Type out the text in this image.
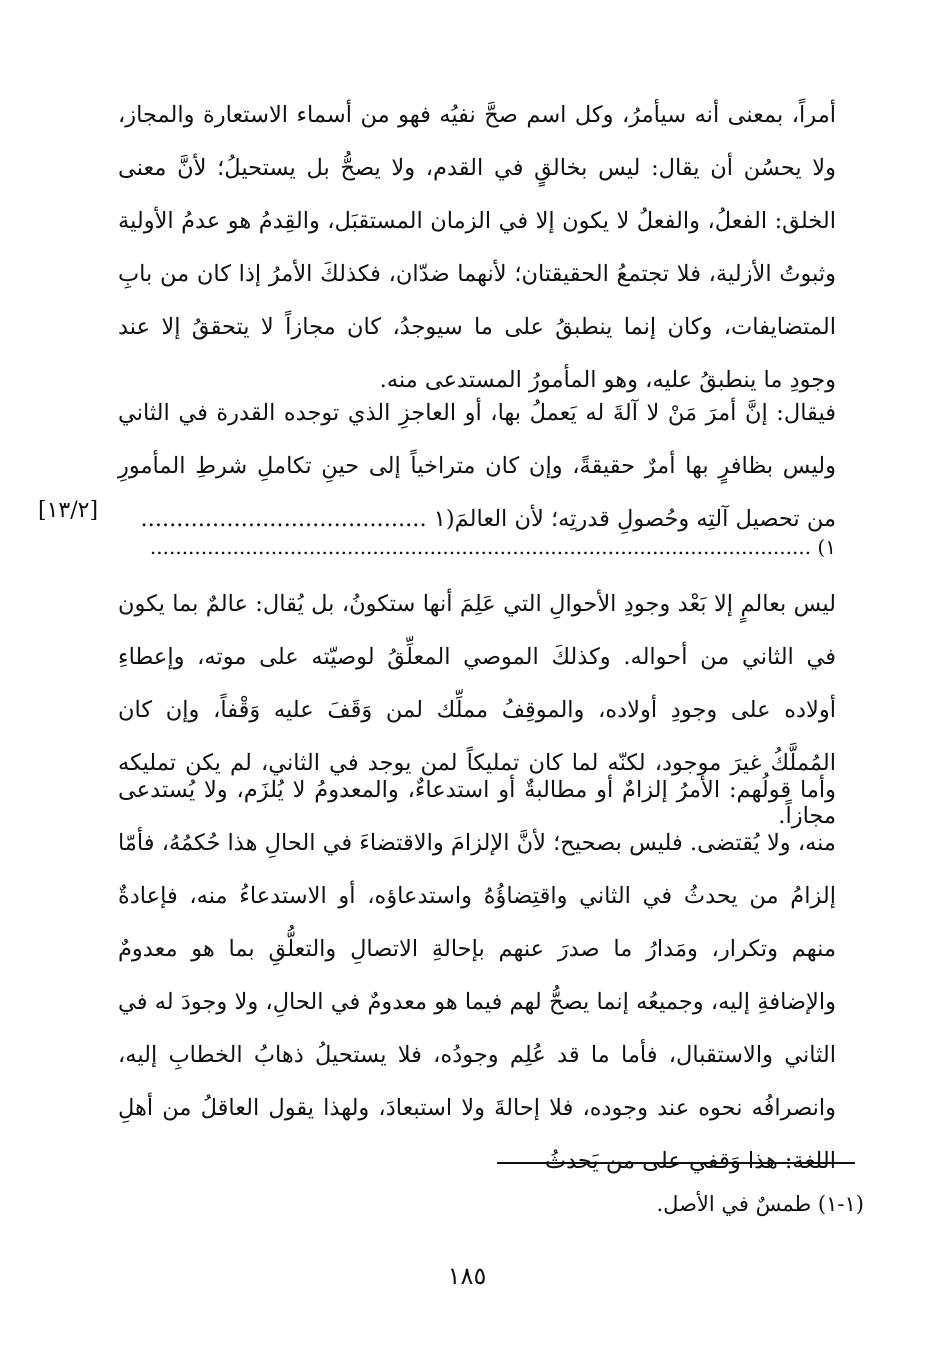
أمراً، بمعنى أنه سيأمرُ، وكل اسم صحَّ نفيُه فهو من أسماء الاستعارة والمجاز، ولا يحسُن أن يقال: ليس بخالقٍ في القدم، ولا يصحُّ بل يستحيلُ؛ لأنَّ معنى الخلق: الفعلُ، والفعلُ لا يكون إلا في الزمان المستقبَل، والقِدمُ هو عدمُ الأولية وثبوتُ الأزلية، فلا تجتمعُ الحقيقتان؛ لأنهما ضدّان، فكذلكَ الأمرُ إذا كان من بابِ المتضايفات، وكان إنما ينطبقُ على ما سيوجدُ، كان مجازاً لا يتحققُ إلا عند وجودِ ما ينطبقُ عليه، وهو المأمورُ المستدعى منه.

فيقال: إنَّ أمرَ مَنْ لا آلةَ له يَعملُ بها، أو العاجزِ الذي توجده القدرة في الثاني وليس بظافرٍ بها أمرٌ حقيقةً، وإن كان متراخياً إلى حينِ تكاملِ شرطِ المأمورِ من تحصيل آلتِه وحُصولِ قدرتِه؛ لأن العالمَ(١ ........................................

[١٣/٢]
١) ........................................................................................................

ليس بعالمٍ إلا بَعْد وجودِ الأحوالِ التي عَلِمَ أنها ستكونُ، بل يُقال: عالمٌ بما يكون في الثاني من أحواله. وكذلكَ الموصي المعلِّقُ لوصيّته على موته، وإعطاءِ أولاده على وجودِ أولاده، والموقِفُ مملِّك لمن وَقَفَ عليه وَقْفاً، وإن كان المُملَّكُ غيرَ موجود، لكنّه لما كان تمليكاً لمن يوجد في الثاني، لم يكن تمليكه مجازاً.

وأما قولُهم: الأمرُ إلزامٌ أو مطالبةٌ أو استدعاءٌ، والمعدومُ لا يُلزَم، ولا يُستدعى منه، ولا يُقتضى. فليس بصحيح؛ لأنَّ الإلزامَ والاقتضاءَ في الحالِ هذا حُكمُهُ، فأمّا إلزامُ من يحدثُ في الثاني واقتِضاؤُهُ واستدعاؤه، أو الاستدعاءُ منه، فإعادةٌ منهم وتكرار، ومَدارُ ما صدرَ عنهم بإحالةِ الاتصالِ والتعلُّقِ بما هو معدومٌ والإضافةِ إليه، وجميعُه إنما يصحُّ لهم فيما هو معدومٌ في الحالِ، ولا وجودَ له في الثاني والاستقبال، فأما ما قد عُلِم وجودُه، فلا يستحيلُ ذهابُ الخطابِ إليه، وانصرافُه نحوه عند وجوده، فلا إحالةَ ولا استبعادَ، ولهذا يقول العاقلُ من أهلِ اللغة: هذا وَقفي على من يَحدثُ

(١-١) طمسٌ في الأصل.
١٨٥
